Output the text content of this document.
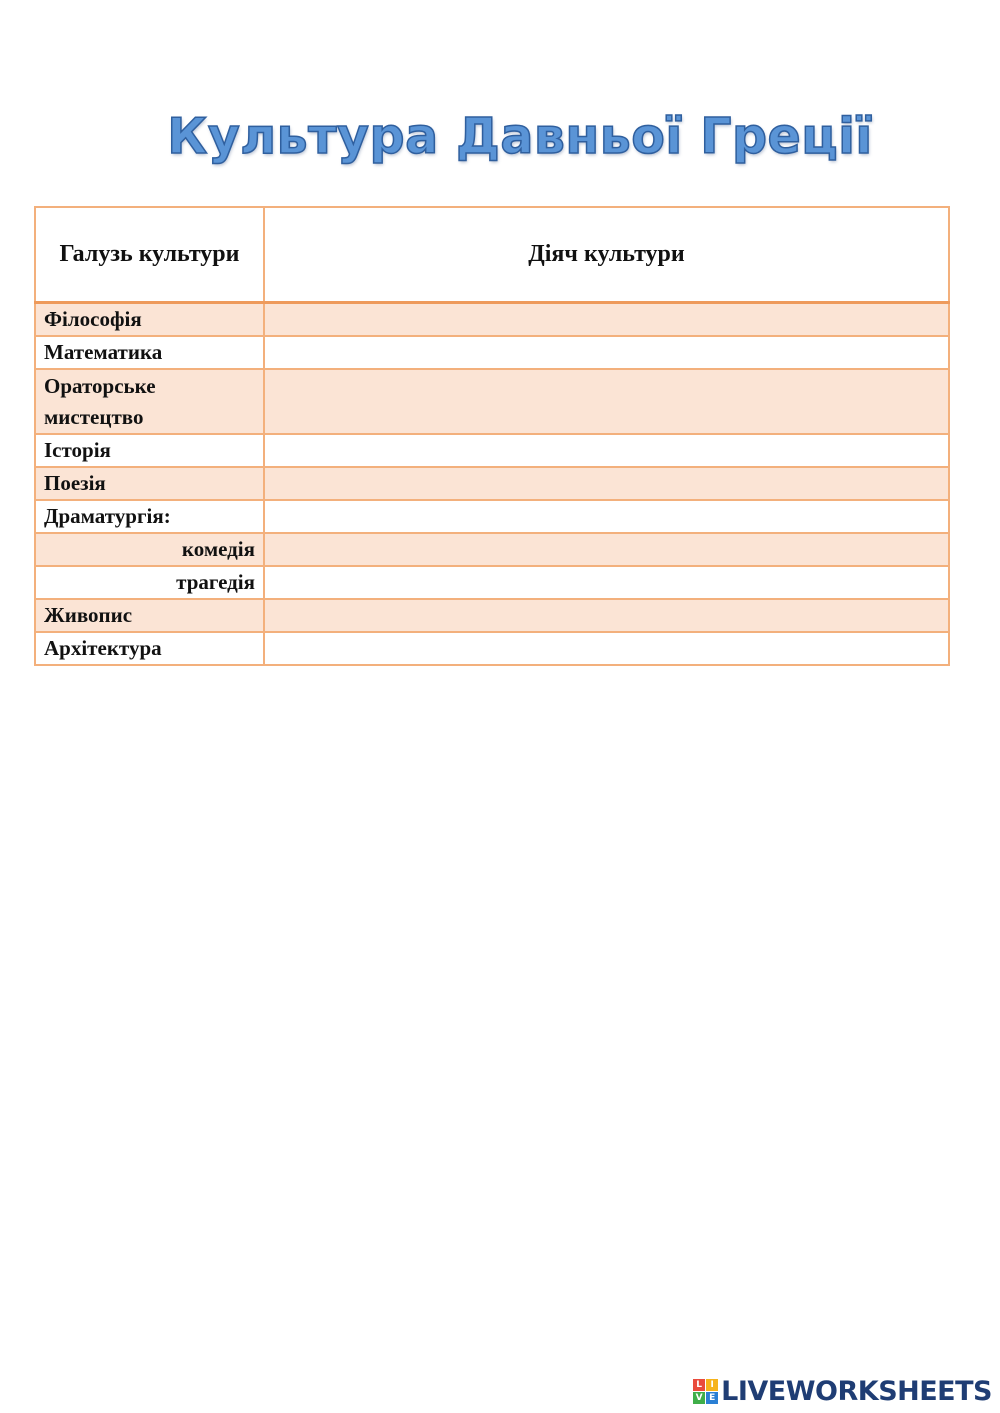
Культура Давньої Греції
Галузь культури	Діяч культури
Філософія	
Математика	
Ораторське мистецтво	
Історія	
Поезія	
Драматургія:	
комедія	
трагедія	
Живопис	
Архітектура	
L I
V E LIVEWORKSHEETS
